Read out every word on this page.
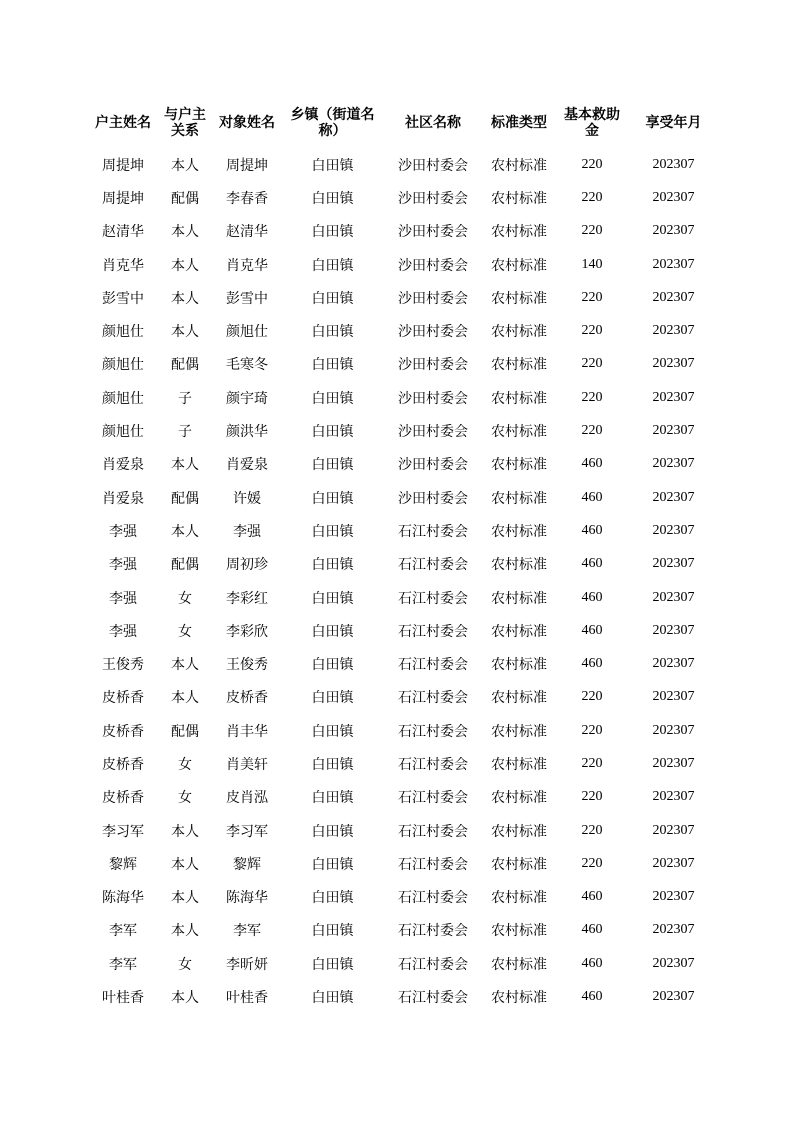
户主姓名	与户主关系	对象姓名	乡镇（街道名称）	社区名称	标准类型	基本救助金	享受年月
周提坤	本人	周提坤	白田镇	沙田村委会	农村标准	220	202307
周提坤	配偶	李春香	白田镇	沙田村委会	农村标准	220	202307
赵清华	本人	赵清华	白田镇	沙田村委会	农村标准	220	202307
肖克华	本人	肖克华	白田镇	沙田村委会	农村标准	140	202307
彭雪中	本人	彭雪中	白田镇	沙田村委会	农村标准	220	202307
颜旭仕	本人	颜旭仕	白田镇	沙田村委会	农村标准	220	202307
颜旭仕	配偶	毛寒冬	白田镇	沙田村委会	农村标准	220	202307
颜旭仕	子	颜宇琦	白田镇	沙田村委会	农村标准	220	202307
颜旭仕	子	颜洪华	白田镇	沙田村委会	农村标准	220	202307
肖爱泉	本人	肖爱泉	白田镇	沙田村委会	农村标准	460	202307
肖爱泉	配偶	许媛	白田镇	沙田村委会	农村标准	460	202307
李强	本人	李强	白田镇	石江村委会	农村标准	460	202307
李强	配偶	周初珍	白田镇	石江村委会	农村标准	460	202307
李强	女	李彩红	白田镇	石江村委会	农村标准	460	202307
李强	女	李彩欣	白田镇	石江村委会	农村标准	460	202307
王俊秀	本人	王俊秀	白田镇	石江村委会	农村标准	460	202307
皮桥香	本人	皮桥香	白田镇	石江村委会	农村标准	220	202307
皮桥香	配偶	肖丰华	白田镇	石江村委会	农村标准	220	202307
皮桥香	女	肖美轩	白田镇	石江村委会	农村标准	220	202307
皮桥香	女	皮肖泓	白田镇	石江村委会	农村标准	220	202307
李习军	本人	李习军	白田镇	石江村委会	农村标准	220	202307
黎辉	本人	黎辉	白田镇	石江村委会	农村标准	220	202307
陈海华	本人	陈海华	白田镇	石江村委会	农村标准	460	202307
李军	本人	李军	白田镇	石江村委会	农村标准	460	202307
李军	女	李昕妍	白田镇	石江村委会	农村标准	460	202307
叶桂香	本人	叶桂香	白田镇	石江村委会	农村标准	460	202307
